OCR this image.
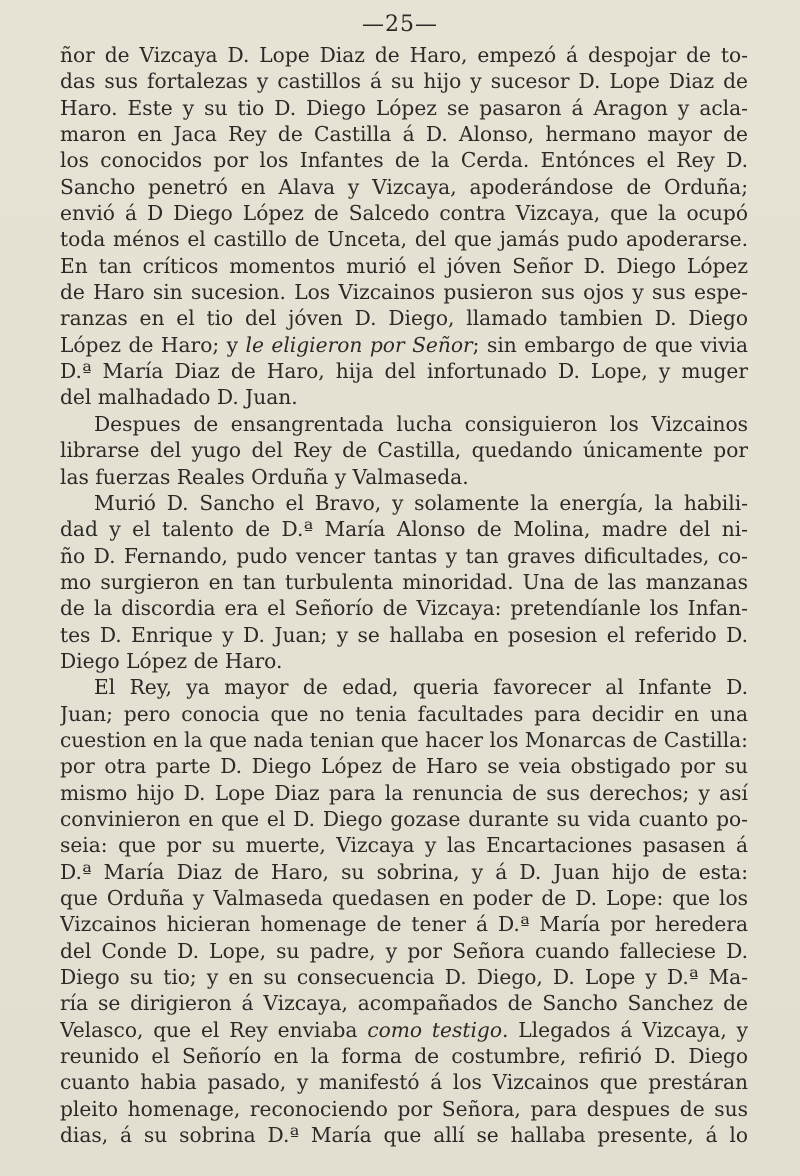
—25—
ñor de Vizcaya D. Lope Diaz de Haro, empezó á despojar de to-
das sus fortalezas y castillos á su hijo y sucesor D. Lope Diaz de
Haro. Este y su tio D. Diego López se pasaron á Aragon y acla-
maron en Jaca Rey de Castilla á D. Alonso, hermano mayor de
los conocidos por los Infantes de la Cerda. Entónces el Rey D.
Sancho penetró en Alava y Vizcaya, apoderándose de Orduña;
envió á D Diego López de Salcedo contra Vizcaya, que la ocupó
toda ménos el castillo de Unceta, del que jamás pudo apoderarse.
En tan críticos momentos murió el jóven Señor D. Diego López
de Haro sin sucesion. Los Vizcainos pusieron sus ojos y sus espe-
ranzas en el tio del jóven D. Diego, llamado tambien D. Diego
López de Haro; y le eligieron por Señor; sin embargo de que vivia
D.ª María Diaz de Haro, hija del infortunado D. Lope, y muger
del malhadado D. Juan.
Despues de ensangrentada lucha consiguieron los Vizcainos
librarse del yugo del Rey de Castilla, quedando únicamente por
las fuerzas Reales Orduña y Valmaseda.
Murió D. Sancho el Bravo, y solamente la energía, la habili-
dad y el talento de D.ª María Alonso de Molina, madre del ni-
ño D. Fernando, pudo vencer tantas y tan graves dificultades, co-
mo surgieron en tan turbulenta minoridad. Una de las manzanas
de la discordia era el Señorío de Vizcaya: pretendíanle los Infan-
tes D. Enrique y D. Juan; y se hallaba en posesion el referido D.
Diego López de Haro.
El Rey, ya mayor de edad, queria favorecer al Infante D.
Juan; pero conocia que no tenia facultades para decidir en una
cuestion en la que nada tenian que hacer los Monarcas de Castilla:
por otra parte D. Diego López de Haro se veia obstigado por su
mismo hijo D. Lope Diaz para la renuncia de sus derechos; y así
convinieron en que el D. Diego gozase durante su vida cuanto po-
seia: que por su muerte, Vizcaya y las Encartaciones pasasen á
D.ª María Diaz de Haro, su sobrina, y á D. Juan hijo de esta:
que Orduña y Valmaseda quedasen en poder de D. Lope: que los
Vizcainos hicieran homenage de tener á D.ª María por heredera
del Conde D. Lope, su padre, y por Señora cuando falleciese D.
Diego su tio; y en su consecuencia D. Diego, D. Lope y D.ª Ma-
ría se dirigieron á Vizcaya, acompañados de Sancho Sanchez de
Velasco, que el Rey enviaba como testigo. Llegados á Vizcaya, y
reunido el Señorío en la forma de costumbre, refirió D. Diego
cuanto habia pasado, y manifestó á los Vizcainos que prestáran
pleito homenage, reconociendo por Señora, para despues de sus
dias, á su sobrina D.ª María que allí se hallaba presente, á lo
